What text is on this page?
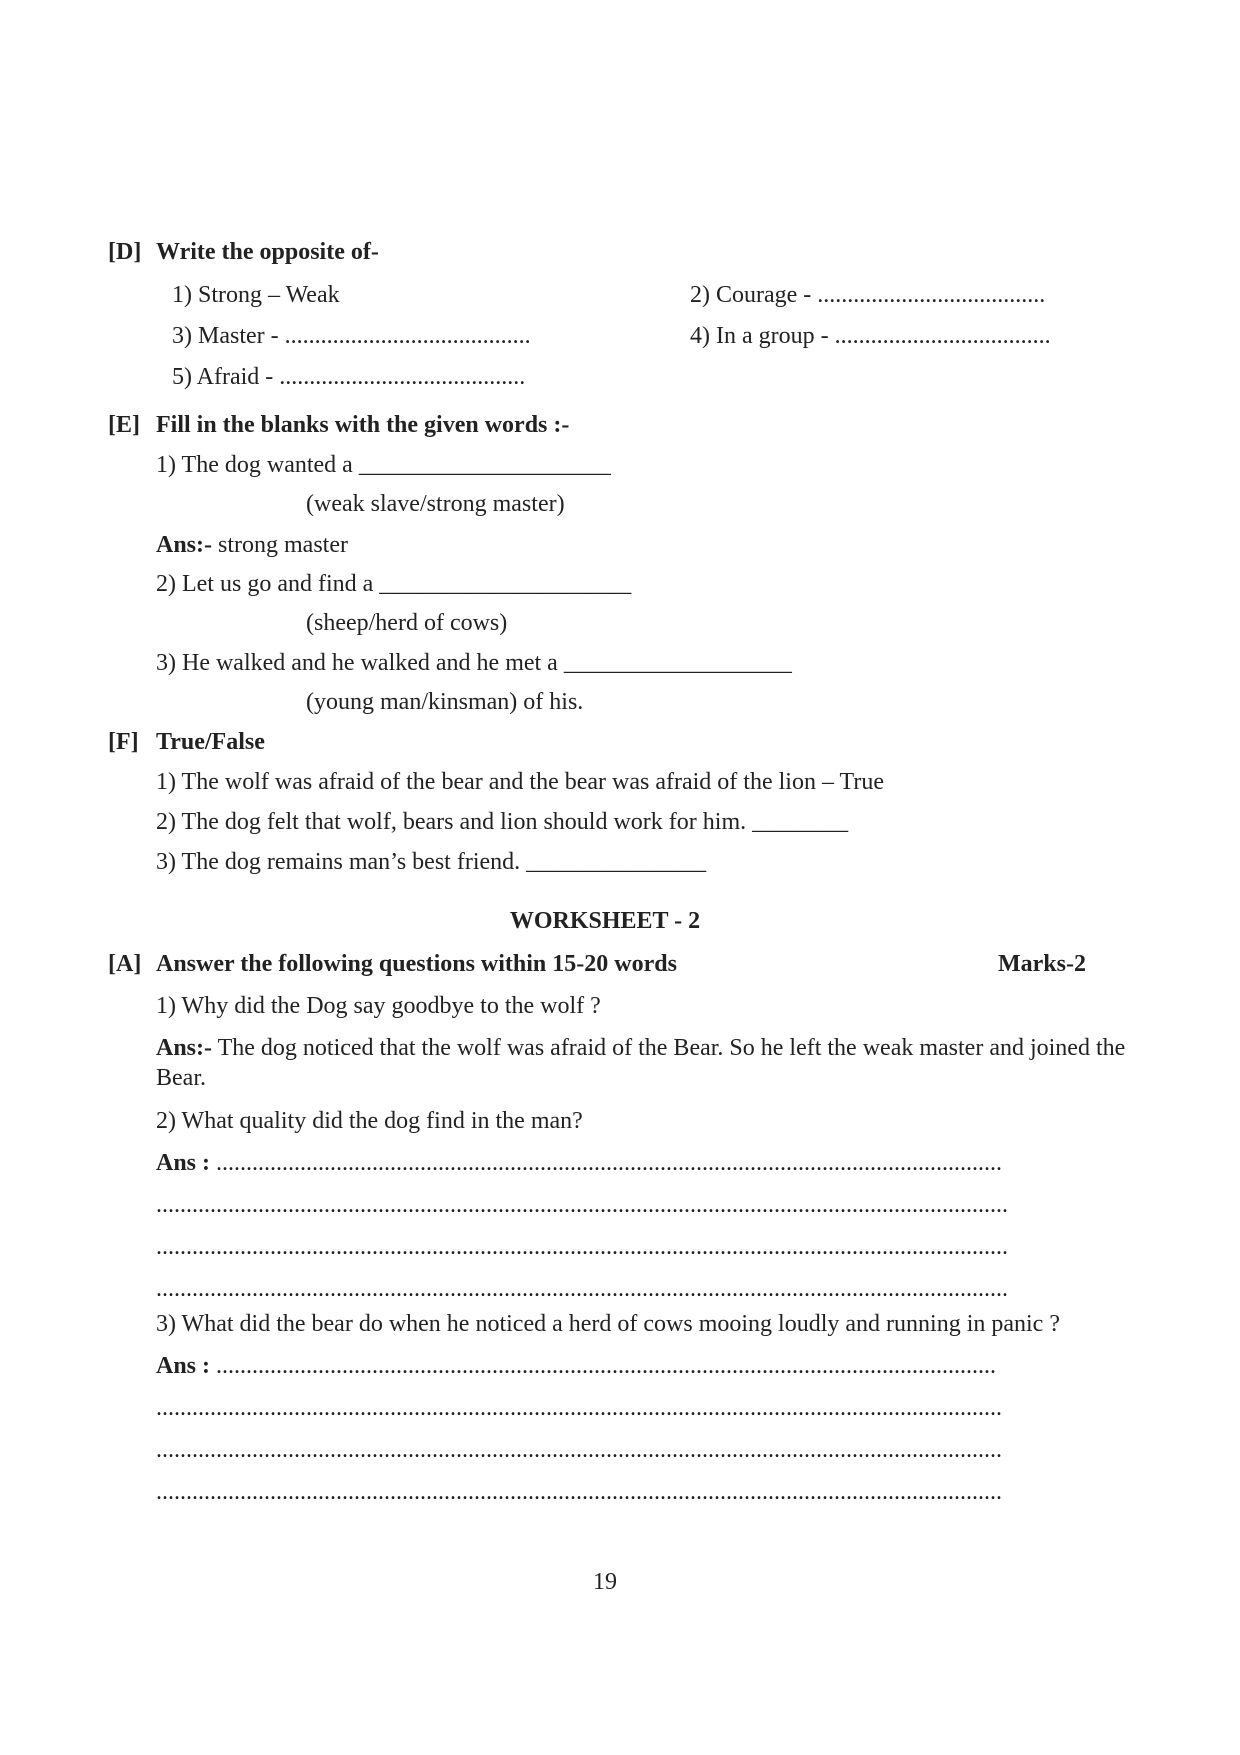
[D] Write the opposite of-
1) Strong – Weak	2) Courage - ......................................
3) Master - .........................................	4) In a group - ....................................
5) Afraid - .........................................
[E] Fill in the blanks with the given words :-
1) The dog wanted a _____________________
(weak slave/strong master)
Ans:- strong master
2) Let us go and find a _____________________
(sheep/herd of cows)
3) He walked and he walked and he met a ___________________
(young man/kinsman) of his.
[F] True/False
1) The wolf was afraid of the bear and the bear was afraid of the lion – True
2) The dog felt that wolf, bears and lion should work for him. ________
3) The dog remains man’s best friend. _______________
WORKSHEET - 2
[A] Answer the following questions within 15-20 words	Marks-2
1) Why did the Dog say goodbye to the wolf ?
Ans:- The dog noticed that the wolf was afraid of the Bear. So he left the weak master and joined the
Bear.
2) What quality did the dog find in the man?
Ans : ...................................................................................................................................
..............................................................................................................................................
..............................................................................................................................................
..............................................................................................................................................
3) What did the bear do when he noticed a herd of cows mooing loudly and running in panic ?
Ans : ..................................................................................................................................
.............................................................................................................................................
.............................................................................................................................................
.............................................................................................................................................
19
